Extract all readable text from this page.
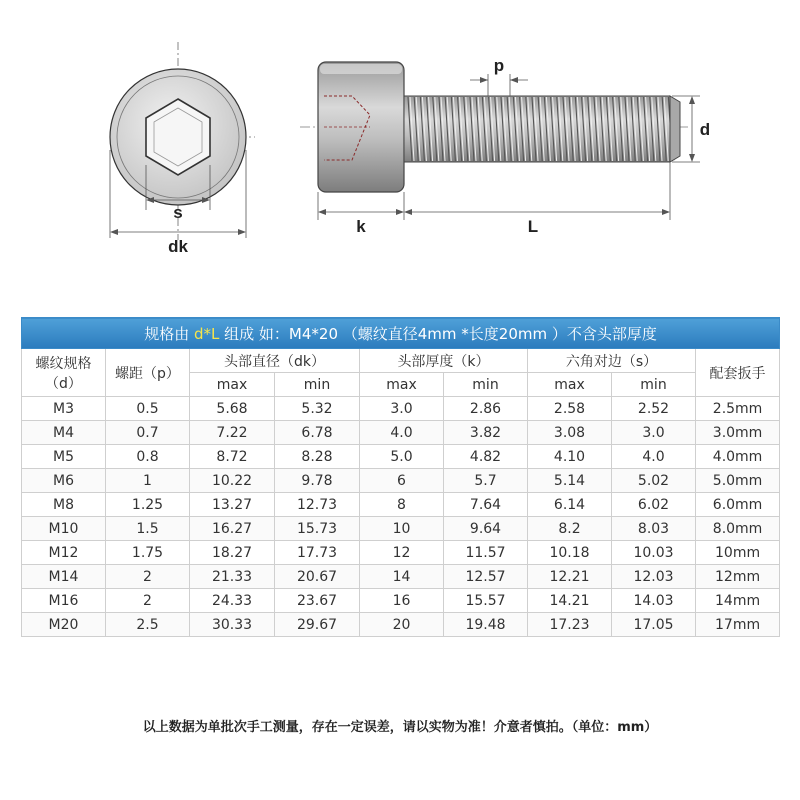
s
dk
p
d
k	L
规格由 d*L 组成 如：M4*20 （螺纹直径4mm *长度20mm ）不含头部厚度								
螺纹规格（d）	螺距（p）	头部直径（dk）		头部厚度（k）		六角对边（s）		配套扳手
		max	min	max	min	max	min	
M3	0.5	5.68	5.32	3.0	2.86	2.58	2.52	2.5mm
M4	0.7	7.22	6.78	4.0	3.82	3.08	3.0	3.0mm
M5	0.8	8.72	8.28	5.0	4.82	4.10	4.0	4.0mm
M6	1	10.22	9.78	6	5.7	5.14	5.02	5.0mm
M8	1.25	13.27	12.73	8	7.64	6.14	6.02	6.0mm
M10	1.5	16.27	15.73	10	9.64	8.2	8.03	8.0mm
M12	1.75	18.27	17.73	12	11.57	10.18	10.03	10mm
M14	2	21.33	20.67	14	12.57	12.21	12.03	12mm
M16	2	24.33	23.67	16	15.57	14.21	14.03	14mm
M20	2.5	30.33	29.67	20	19.48	17.23	17.05	17mm
以上数据为单批次手工测量，存在一定误差，请以实物为准！介意者慎拍。（单位：mm）
